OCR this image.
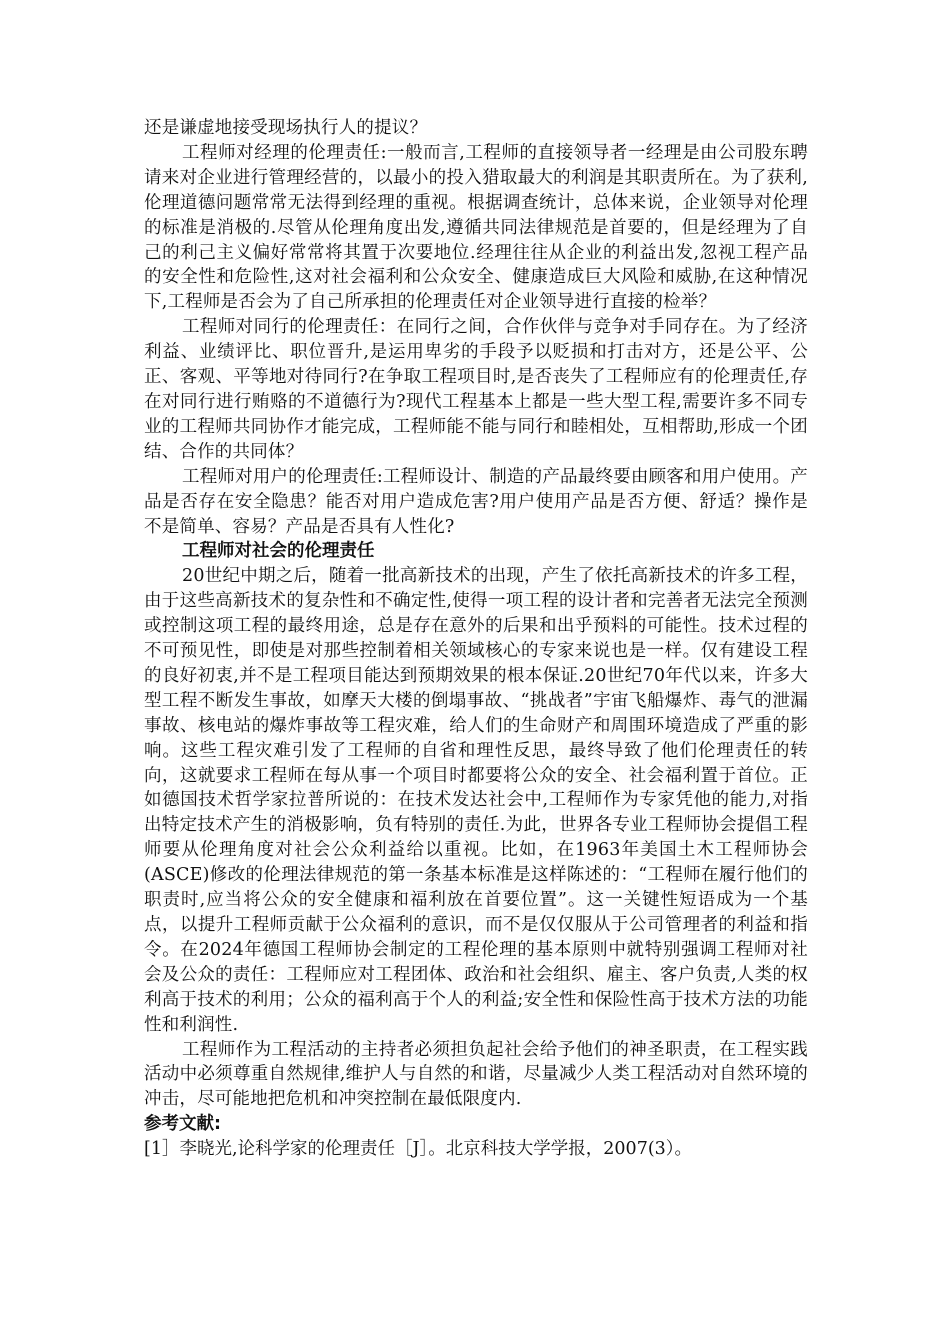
还是谦虚地接受现场执行人的提议？

工程师对经理的伦理责任:一般而言,工程师的直接领导者一经理是由公司股东聘请来对企业进行管理经营的，以最小的投入猎取最大的利润是其职责所在。为了获利,伦理道德问题常常无法得到经理的重视。根据调查统计，总体来说，企业领导对伦理的标准是消极的.尽管从伦理角度出发,遵循共同法律规范是首要的，但是经理为了自己的利己主义偏好常常将其置于次要地位.经理往往从企业的利益出发,忽视工程产品的安全性和危险性,这对社会福利和公众安全、健康造成巨大风险和威胁,在这种情况下,工程师是否会为了自己所承担的伦理责任对企业领导进行直接的检举？

工程师对同行的伦理责任：在同行之间，合作伙伴与竞争对手同存在。为了经济利益、业绩评比、职位晋升,是运用卑劣的手段予以贬损和打击对方，还是公平、公正、客观、平等地对待同行?在争取工程项目时,是否丧失了工程师应有的伦理责任,存在对同行进行贿赂的不道德行为?现代工程基本上都是一些大型工程,需要许多不同专业的工程师共同协作才能完成，工程师能不能与同行和睦相处，互相帮助,形成一个团结、合作的共同体？

工程师对用户的伦理责任:工程师设计、制造的产品最终要由顾客和用户使用。产品是否存在安全隐患？能否对用户造成危害?用户使用产品是否方便、舒适？操作是不是简单、容易？产品是否具有人性化?

工程师对社会的伦理责任

20世纪中期之后，随着一批高新技术的出现，产生了依托高新技术的许多工程，由于这些高新技术的复杂性和不确定性,使得一项工程的设计者和完善者无法完全预测或控制这项工程的最终用途，总是存在意外的后果和出乎预料的可能性。技术过程的不可预见性，即使是对那些控制着相关领域核心的专家来说也是一样。仅有建设工程的良好初衷,并不是工程项目能达到预期效果的根本保证.20世纪70年代以来，许多大型工程不断发生事故，如摩天大楼的倒塌事故、“挑战者”宇宙飞船爆炸、毒气的泄漏事故、核电站的爆炸事故等工程灾难，给人们的生命财产和周围环境造成了严重的影响。这些工程灾难引发了工程师的自省和理性反思，最终导致了他们伦理责任的转向，这就要求工程师在每从事一个项目时都要将公众的安全、社会福利置于首位。正如德国技术哲学家拉普所说的：在技术发达社会中,工程师作为专家凭他的能力,对指出特定技术产生的消极影响，负有特别的责任.为此，世界各专业工程师协会提倡工程师要从伦理角度对社会公众利益给以重视。比如，在1963年美国土木工程师协会(ASCE)修改的伦理法律规范的第一条基本标准是这样陈述的：“工程师在履行他们的职责时,应当将公众的安全健康和福利放在首要位置”。这一关键性短语成为一个基点，以提升工程师贡献于公众福利的意识，而不是仅仅服从于公司管理者的利益和指令。在2024年德国工程师协会制定的工程伦理的基本原则中就特别强调工程师对社会及公众的责任：工程师应对工程团体、政治和社会组织、雇主、客户负责,人类的权利高于技术的利用；公众的福利高于个人的利益;安全性和保险性高于技术方法的功能性和利润性.

工程师作为工程活动的主持者必须担负起社会给予他们的神圣职责，在工程实践活动中必须尊重自然规律,维护人与自然的和谐，尽量减少人类工程活动对自然环境的冲击，尽可能地把危机和冲突控制在最低限度内.

参考文献:

[1］李晓光,论科学家的伦理责任［J］。北京科技大学学报，2007(3）。
